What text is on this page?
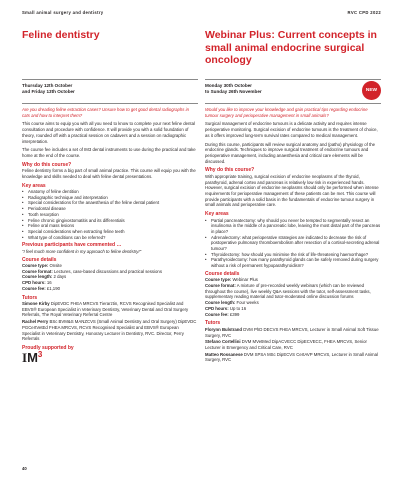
Small animal surgery and dentistry	RVC CPD 2022
Feline dentistry
Thursday 12th October
and Friday 13th October

Are you dreading feline extraction cases? Unsure how to get good dental radiographs in cats and how to interpret them?

This course aims to equip you with all you need to know to complete your next feline dental consultation and procedure with confidence. It will provide you with a solid foundation of theory, rounded off with a practical session on cadavers and a session on radiographic interpretation.

The course fee includes a set of IM3 dental instruments to use during the practical and take home at the end of the course.

Why do this course?

Feline dentistry forms a big part of small animal practice. This course will equip you with the knowledge and skills needed to deal with feline dental presentations.

Key areas
• Anatomy of feline dentition
• Radiographic technique and interpretation
• Special considerations for the anaesthesia of the feline dental patient
• Periodontal disease
• Tooth resorption
• Feline chronic gingivostomatitis and its differentials
• Feline oral mass lesions
• Special considerations when extracting feline teeth
• What type of conditions can be referred?
Previous participants have commented …

"I feel much more confident in my approach to feline dentistry!"

Course details

Course type: Onsite

Course format: Lectures, case-based discussions and practical sessions

Course length: 2 days

CPD hours: 16

Course fee: £1,190

Tutors

Simone Kirby DipEVDC FHEA MRCVS Tierarztin, RCVS Recognised Specialist and EBVS® European Specialist in Veterinary Dentistry, Veterinary Dental and Oral Surgery Referrals, The Royal Veterinary Referral Centre

Rachel Perry BSc BVM&S MANZCVS (Small Animal Dentistry and Oral Surgery) DipEVDC PGCertVetEd FHEA MRCVS, RCVS Recognised Specialist and EBVS® European Specialist in Veterinary Dentistry, Honorary Lecturer in Dentistry, RVC. Director, Perry Referrals

Proudly supported by
I M 3
Webinar Plus: Current concepts in small animal endocrine surgical oncology
Monday 30th October
to Sunday 26th November	NEW

Would you like to improve your knowledge and gain practical tips regarding endocrine tumour surgery and perioperative management in small animals?

Surgical management of endocrine tumours is a delicate activity and requires intense perioperative monitoring. Surgical excision of endocrine tumours is the treatment of choice, as it offers improved long-term survival rates compared to medical management.

During this course, participants will review surgical anatomy and (patho) physiology of the endocrine glands. Techniques to improve surgical treatment of endocrine tumours and perioperative management, including anaesthesia and critical care elements will be discussed.

Why do this course?

With appropriate training, surgical excision of endocrine neoplasms of the thyroid, parathyroid, adrenal cortex and pancreas is relatively low risk in experienced hands. However, surgical excision of endocrine neoplasms should only be performed when intense requirements for perioperative management of these patients can be met. This course will provide participants with a solid basis in the fundamentals of endocrine tumour surgery in small animals and perioperative care.

Key areas
• Partial pancreatectomy: why should you never be tempted to segmentally resect an insulinoma in the middle of a pancreatic lobe, leaving the most distal part of the pancreas in place?
• Adrenalectomy: what perioperative strategies are indicated to decrease the risk of postoperative pulmonary thromboembolism after resection of a cortisol-secreting adrenal tumour?
• Thyroidectomy: how should you minimise the risk of life-threatening haemorrhage?
• Parathyroidectomy: how many parathyroid glands can be safely removed during surgery without a risk of permanent hypoparathyroidism?
Course details

Course type: Webinar Plus

Course format: A mixture of pre-recorded weekly webinars (which can be reviewed throughout the course), live weekly Q&A sessions with the tutor, self-assessment tasks, supplementary reading material and tutor-moderated online discussion forums

Course length: Four weeks

CPD hours: Up to 16

Course fee: £399

Tutors

Florynn Bulstrand DVM PhD DECVS FHEA MRCVS, Lecturer in Small Animal Soft Tissue Surgery, RVC

Stefano Cortellini DVM MVetMed DipACVECC DipECVECC, FHEA MRCVS, Senior Lecturer in Emergency and Critical Care, RVC

Matteo Rossanese DVM SPSA MSc DipECVS CertAVP MRCVS, Lecturer in Small Animal Surgery, RVC

40
